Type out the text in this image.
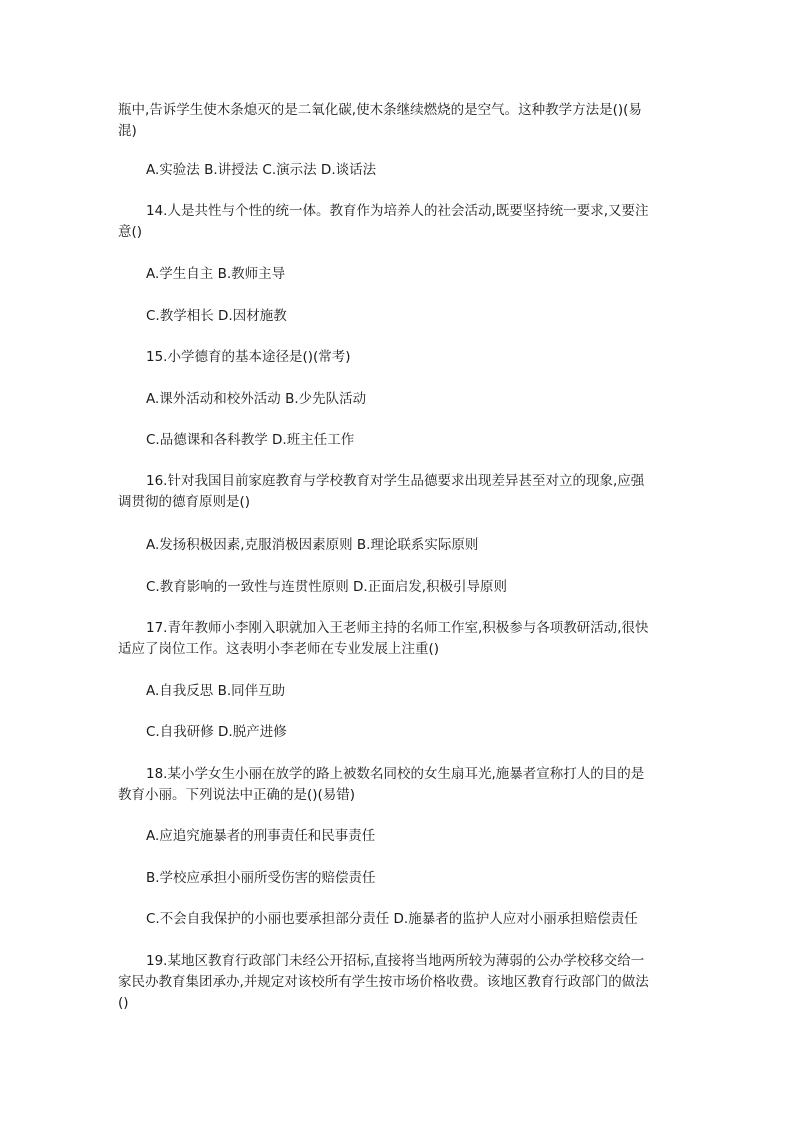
瓶中,告诉学生使木条熄灭的是二氧化碳,使木条继续燃烧的是空气。这种教学方法是()(易

混)

A.实验法 B.讲授法 C.演示法 D.谈话法

14.人是共性与个性的统一体。教育作为培养人的社会活动,既要坚持统一要求,又要注

意()

A.学生自主 B.教师主导

C.教学相长 D.因材施教

15.小学德育的基本途径是()(常考)

A.课外活动和校外活动 B.少先队活动

C.品德课和各科教学 D.班主任工作

16.针对我国目前家庭教育与学校教育对学生品德要求出现差异甚至对立的现象,应强

调贯彻的德育原则是()

A.发扬积极因素,克服消极因素原则 B.理论联系实际原则

C.教育影响的一致性与连贯性原则 D.正面启发,积极引导原则

17.青年教师小李刚入职就加入王老师主持的名师工作室,积极参与各项教研活动,很快

适应了岗位工作。这表明小李老师在专业发展上注重()

A.自我反思 B.同伴互助

C.自我研修 D.脱产进修

18.某小学女生小丽在放学的路上被数名同校的女生扇耳光,施暴者宣称打人的目的是

教育小丽。下列说法中正确的是()(易错)

A.应追究施暴者的刑事责任和民事责任

B.学校应承担小丽所受伤害的赔偿责任

C.不会自我保护的小丽也要承担部分责任 D.施暴者的监护人应对小丽承担赔偿责任

19.某地区教育行政部门未经公开招标,直接将当地两所较为薄弱的公办学校移交给一

家民办教育集团承办,并规定对该校所有学生按市场价格收费。该地区教育行政部门的做法

()
